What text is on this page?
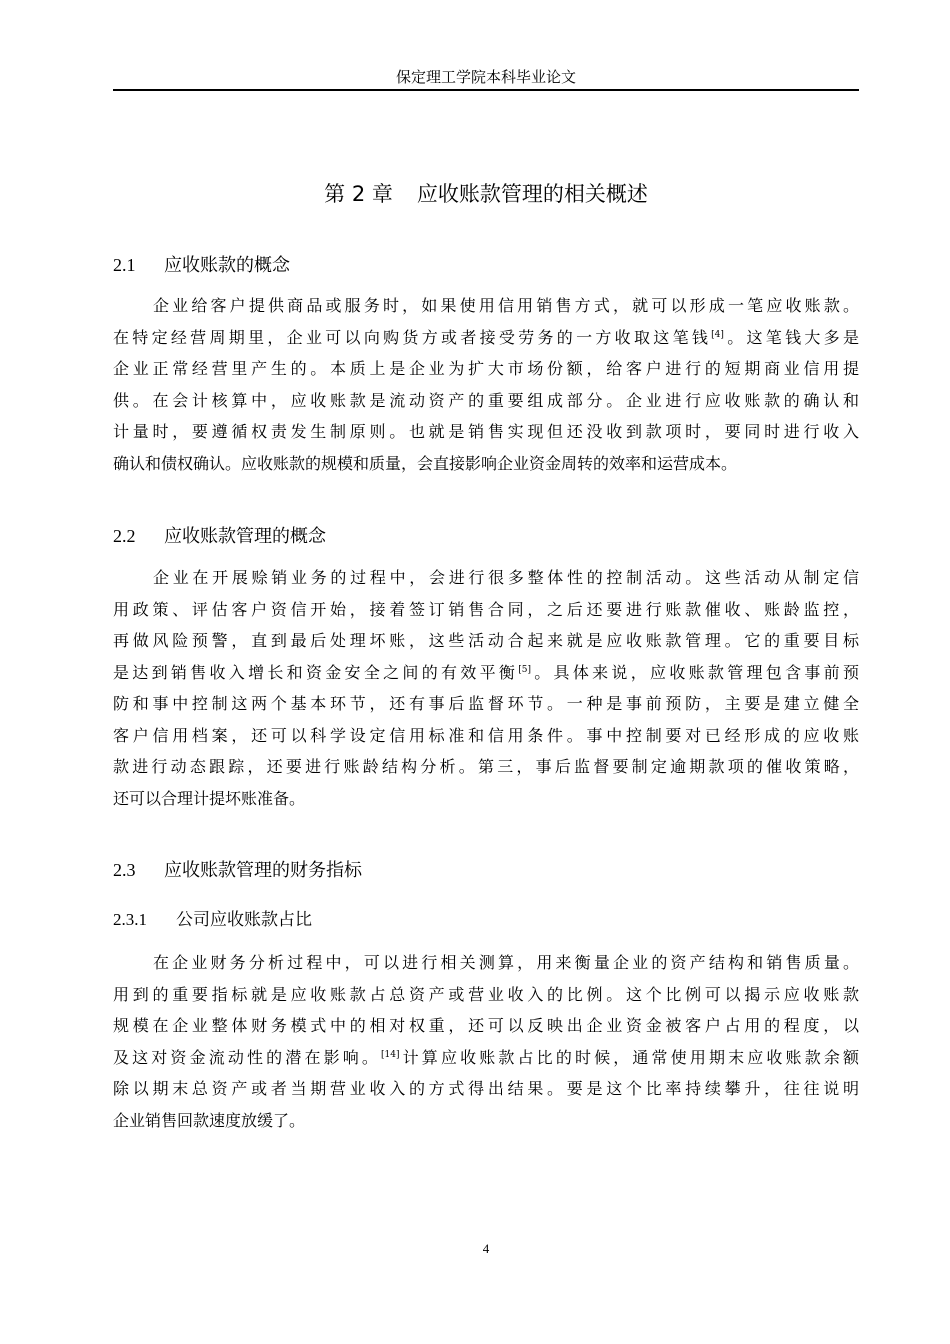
保定理工学院本科毕业论文
第 2 章 应收账款管理的相关概述
2.1 应收账款的概念
企业给客户提供商品或服务时，如果使用信用销售方式，就可以形成一笔应收账款。
在特定经营周期里，企业可以向购货方或者接受劳务的一方收取这笔钱[4]。这笔钱大多是
企业正常经营里产生的。本质上是企业为扩大市场份额，给客户进行的短期商业信用提
供。在会计核算中，应收账款是流动资产的重要组成部分。企业进行应收账款的确认和
计量时，要遵循权责发生制原则。也就是销售实现但还没收到款项时，要同时进行收入
确认和债权确认。应收账款的规模和质量，会直接影响企业资金周转的效率和运营成本。
2.2 应收账款管理的概念
企业在开展赊销业务的过程中，会进行很多整体性的控制活动。这些活动从制定信
用政策、评估客户资信开始，接着签订销售合同，之后还要进行账款催收、账龄监控，
再做风险预警，直到最后处理坏账，这些活动合起来就是应收账款管理。它的重要目标
是达到销售收入增长和资金安全之间的有效平衡[5]。具体来说，应收账款管理包含事前预
防和事中控制这两个基本环节，还有事后监督环节。一种是事前预防，主要是建立健全
客户信用档案，还可以科学设定信用标准和信用条件。事中控制要对已经形成的应收账
款进行动态跟踪，还要进行账龄结构分析。第三，事后监督要制定逾期款项的催收策略，
还可以合理计提坏账准备。
2.3 应收账款管理的财务指标
2.3.1 公司应收账款占比
在企业财务分析过程中，可以进行相关测算，用来衡量企业的资产结构和销售质量。
用到的重要指标就是应收账款占总资产或营业收入的比例。这个比例可以揭示应收账款
规模在企业整体财务模式中的相对权重，还可以反映出企业资金被客户占用的程度，以
及这对资金流动性的潜在影响。[14]计算应收账款占比的时候，通常使用期末应收账款余额
除以期末总资产或者当期营业收入的方式得出结果。要是这个比率持续攀升，往往说明
企业销售回款速度放缓了。
4
